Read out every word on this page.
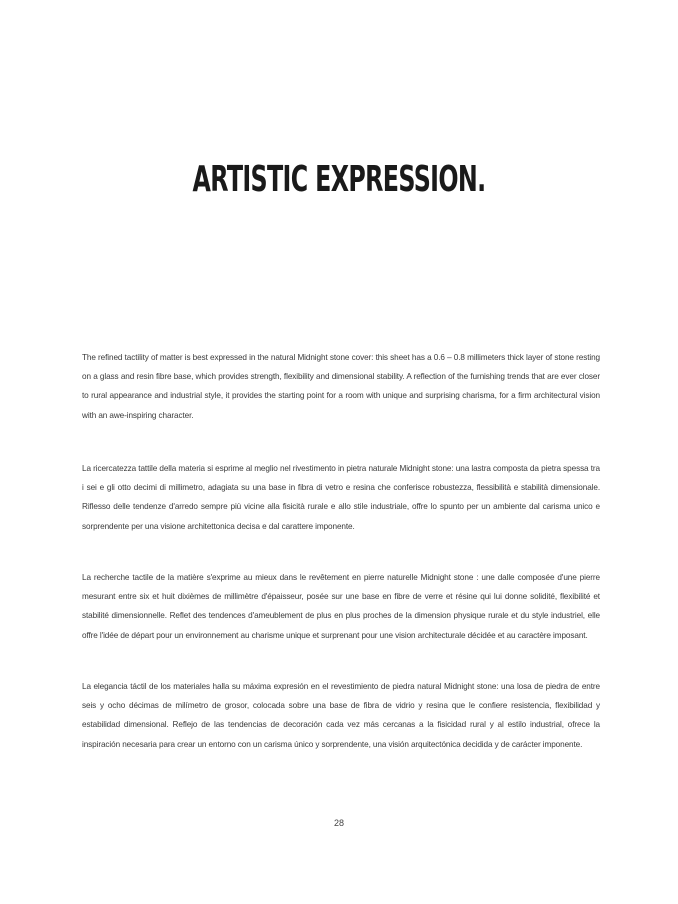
ARTISTIC EXPRESSION.

The refined tactility of matter is best expressed in the natural Midnight stone cover: this sheet has a 0.6 – 0.8 millimeters thick layer of stone resting on a glass and resin fibre base, which provides strength, flexibility and dimensional stability. A reflection of the furnishing trends that are ever closer to rural appearance and industrial style, it provides the starting point for a room with unique and surprising charisma, for a firm architectural vision with an awe-inspiring character.

La ricercatezza tattile della materia si esprime al meglio nel rivestimento in pietra naturale Midnight stone: una lastra composta da pietra spessa tra i sei e gli otto decimi di millimetro, adagiata su una base in fibra di vetro e resina che conferisce robustezza, flessibilità e stabilità dimensionale. Riflesso delle tendenze d'arredo sempre più vicine alla fisicità rurale e allo stile industriale, offre lo spunto per un ambiente dal carisma unico e sorprendente per una visione architettonica decisa e dal carattere imponente.

La recherche tactile de la matière s'exprime au mieux dans le revêtement en pierre naturelle Midnight stone : une dalle composée d'une pierre mesurant entre six et huit dixièmes de millimètre d'épaisseur, posée sur une base en fibre de verre et résine qui lui donne solidité, flexibilité et stabilité dimensionnelle. Reflet des tendences d'ameublement de plus en plus proches de la dimension physique rurale et du style industriel, elle offre l'idée de départ pour un environnement au charisme unique et surprenant pour une vision architecturale décidée et au caractère imposant.

La elegancia táctil de los materiales halla su máxima expresión en el revestimiento de piedra natural Midnight stone: una losa de piedra de entre seis y ocho décimas de milímetro de grosor, colocada sobre una base de fibra de vidrio y resina que le confiere resistencia, flexibilidad y estabilidad dimensional. Reflejo de las tendencias de decoración cada vez más cercanas a la fisicidad rural y al estilo industrial, ofrece la inspiración necesaria para crear un entorno con un carisma único y sorprendente, una visión arquitectónica decidida y de carácter imponente.

28
